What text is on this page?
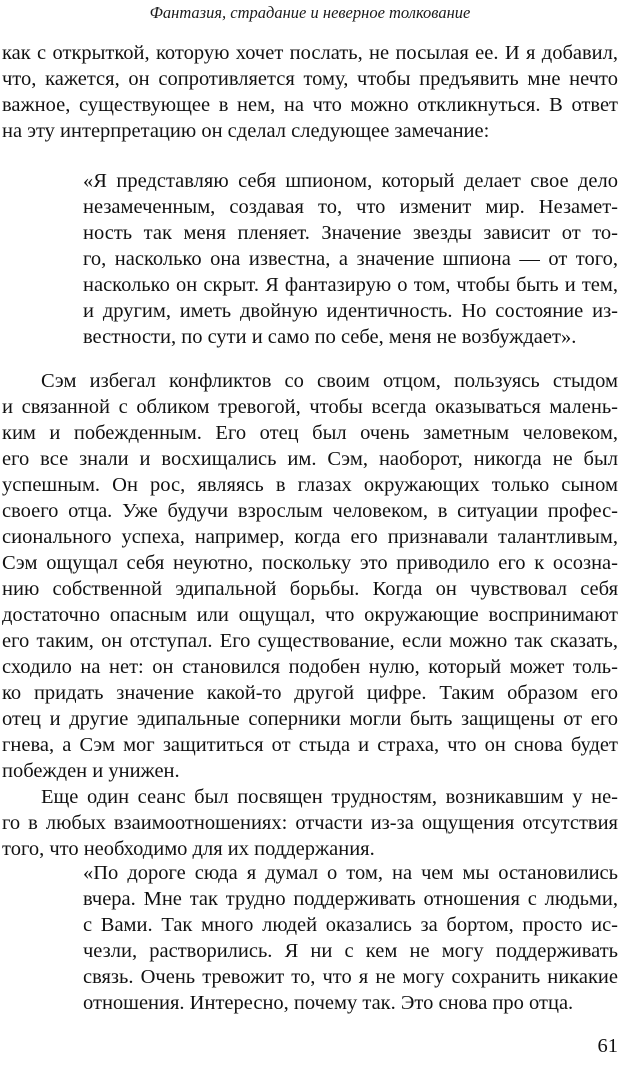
Фантазия, страдание и неверное толкование
как с открыткой, которую хочет послать, не посылая ее. И я добавил,
что, кажется, он сопротивляется тому, чтобы предъявить мне нечто
важное, существующее в нем, на что можно откликнуться. В ответ
на эту интерпретацию он сделал следующее замечание:
«Я представляю себя шпионом, который делает свое дело
незамеченным, создавая то, что изменит мир. Незамет-
ность так меня пленяет. Значение звезды зависит от то-
го, насколько она известна, а значение шпиона — от того,
насколько он скрыт. Я фантазирую о том, чтобы быть и тем,
и другим, иметь двойную идентичность. Но состояние из-
вестности, по сути и само по себе, меня не возбуждает».
Сэм избегал конфликтов со своим отцом, пользуясь стыдом
и связанной с обликом тревогой, чтобы всегда оказываться малень-
ким и побежденным. Его отец был очень заметным человеком,
его все знали и восхищались им. Сэм, наоборот, никогда не был
успешным. Он рос, являясь в глазах окружающих только сыном
своего отца. Уже будучи взрослым человеком, в ситуации профес-
сионального успеха, например, когда его признавали талантливым,
Сэм ощущал себя неуютно, поскольку это приводило его к осозна-
нию собственной эдипальной борьбы. Когда он чувствовал себя
достаточно опасным или ощущал, что окружающие воспринимают
его таким, он отступал. Его существование, если можно так сказать,
сходило на нет: он становился подобен нулю, который может толь-
ко придать значение какой-то другой цифре. Таким образом его
отец и другие эдипальные соперники могли быть защищены от его
гнева, а Сэм мог защититься от стыда и страха, что он снова будет
побежден и унижен.
Еще один сеанс был посвящен трудностям, возникавшим у не-
го в любых взаимоотношениях: отчасти из-за ощущения отсутствия
того, что необходимо для их поддержания.
«По дороге сюда я думал о том, на чем мы остановились
вчера. Мне так трудно поддерживать отношения с людьми,
с Вами. Так много людей оказались за бортом, просто ис-
чезли, растворились. Я ни с кем не могу поддерживать
связь. Очень тревожит то, что я не могу сохранить никакие
отношения. Интересно, почему так. Это снова про отца.
61
